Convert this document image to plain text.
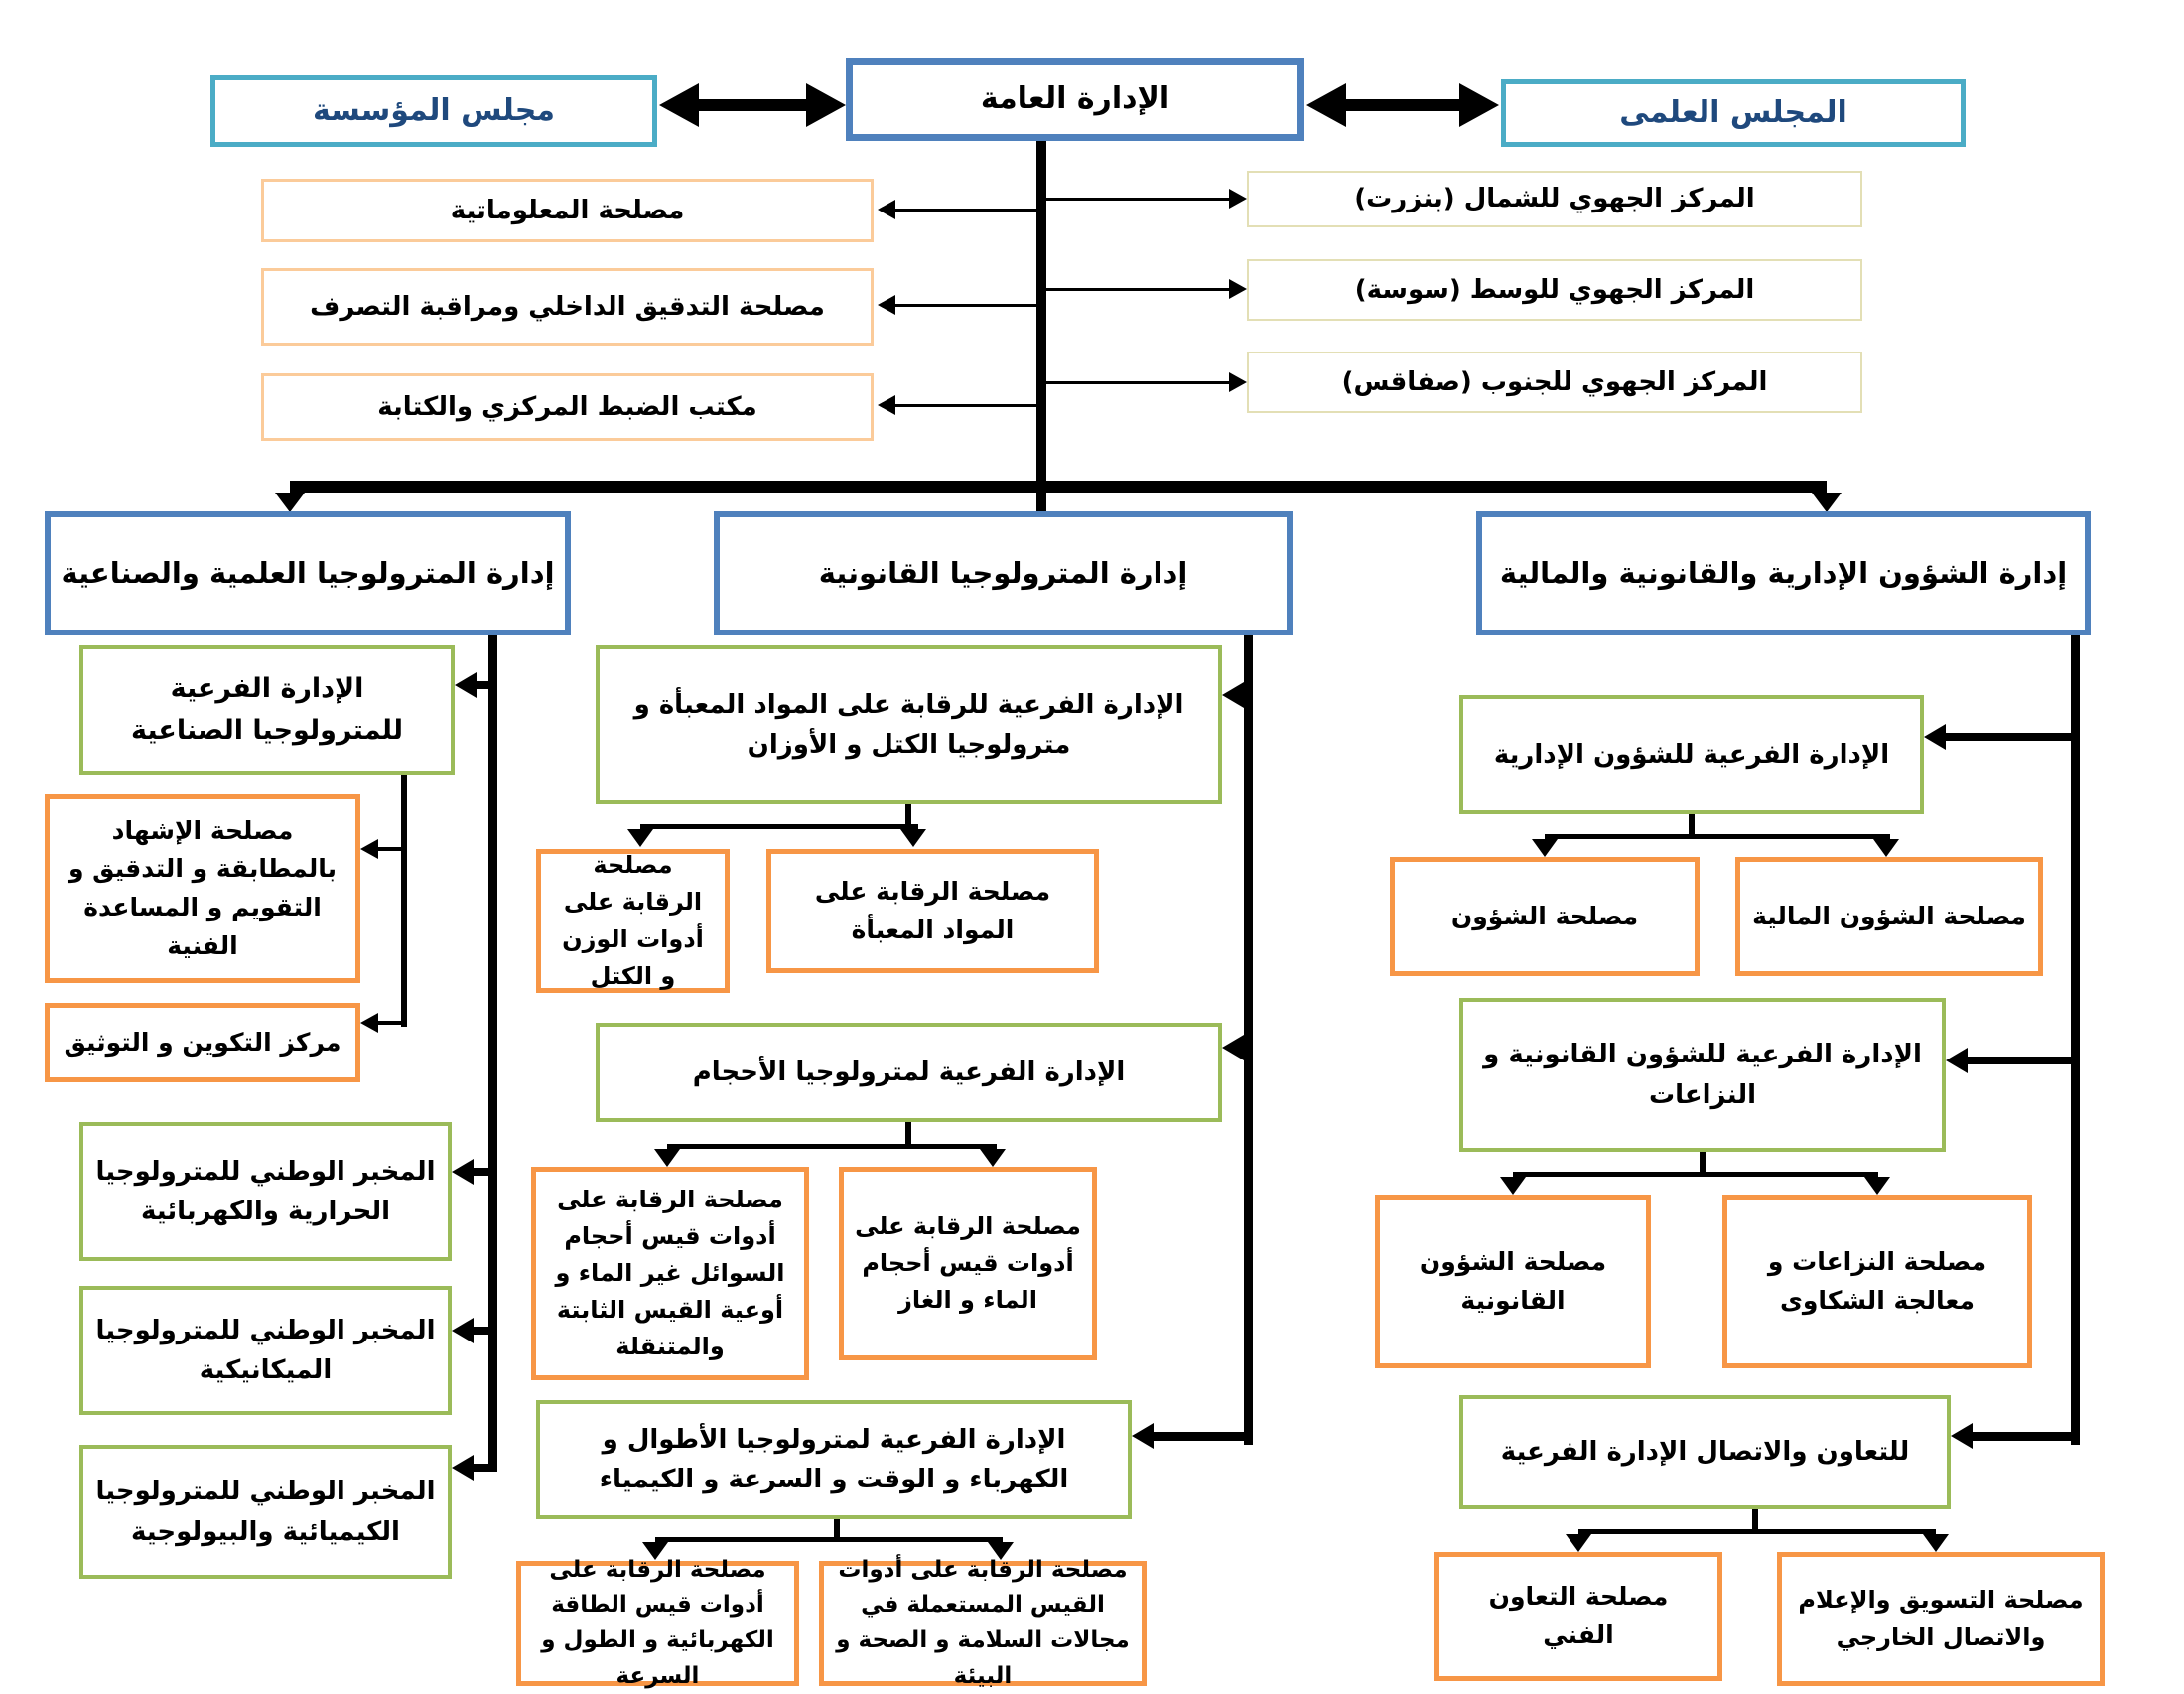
مجلس المؤسسة	الإدارة العامة	المجلس العلمى
مصلحة المعلوماتية
مصلحة التدقيق الداخلي ومراقبة التصرف
مكتب الضبط المركزي والكتابة
المركز الجهوي للشمال (بنزرت)
المركز الجهوي للوسط (سوسة)
المركز الجهوي للجنوب (صفاقس)
إدارة المترولوجيا العلمية والصناعية	إدارة المترولوجيا القانونية	إدارة الشؤون الإدارية والقانونية والمالية
الإدارة الفرعية للمترولوجيا الصناعية
مصلحة الإشهاد بالمطابقة و التدقيق و التقويم و المساعدة الفنية
مركز التكوين و التوثيق
المخبر الوطني للمترولوجيا الحرارية والكهربائية
المخبر الوطني للمترولوجيا الميكانيكية
المخبر الوطني للمترولوجيا الكيميائية والبيولوجية
الإدارة الفرعية للرقابة على المواد المعبأة و مترولوجيا الكتل و الأوزان
مصلحة الرقابة على أدوات الوزن و الكتل
مصلحة الرقابة على المواد المعبأة
الإدارة الفرعية لمترولوجيا الأحجام
مصلحة الرقابة على أدوات قيس أحجام السوائل غير الماء و أوعية القيس الثابتة والمتنقلة
مصلحة الرقابة على أدوات قيس أحجام الماء و الغاز
الإدارة الفرعية لمترولوجيا الأطوال و الكهرباء و الوقت و السرعة و الكيمياء
مصلحة الرقابة على أدوات قيس الطاقة الكهربائية و الطول و السرعة
مصلحة الرقابة على أدوات القيس المستعملة في مجالات السلامة و الصحة و البيئة
الإدارة الفرعية للشؤون الإدارية
مصلحة الشؤون	مصلحة الشؤون المالية
الإدارة الفرعية للشؤون القانونية و النزاعات
مصلحة الشؤون القانونية
مصلحة النزاعات و معالجة الشكاوى
للتعاون والاتصال الإدارة الفرعية
مصلحة التعاون الفني
مصلحة التسويق والإعلام والاتصال الخارجي
